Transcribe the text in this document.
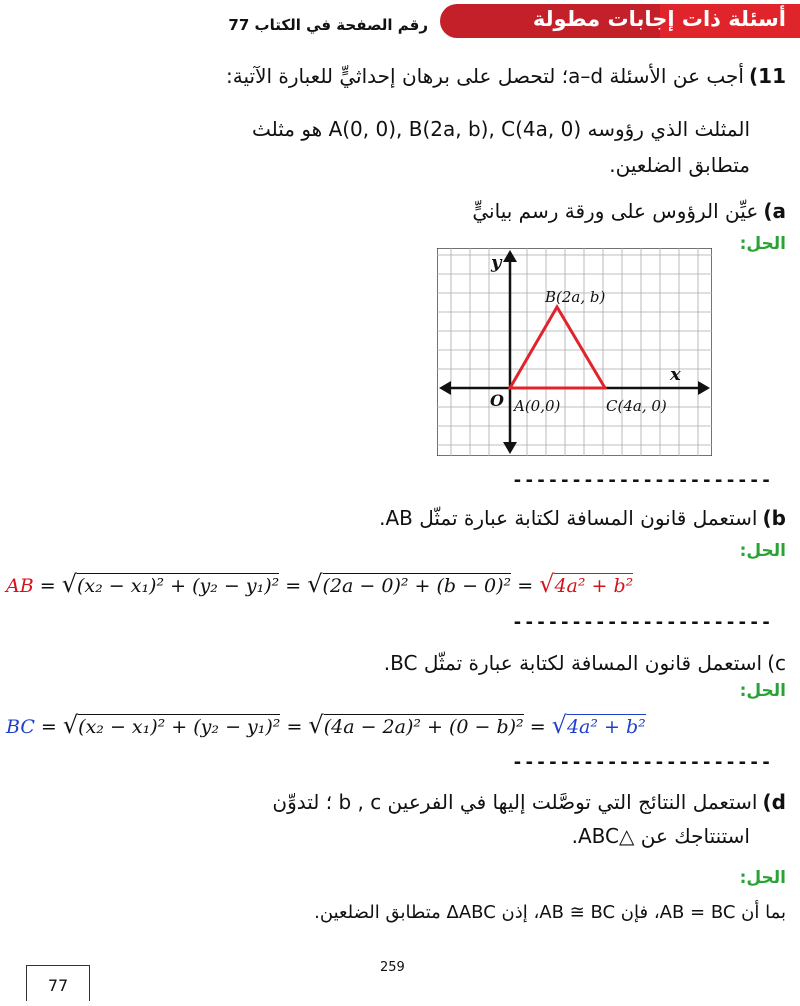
أسئلة ذات إجابات مطولة
رقم الصفحة في الكتاب 77
11) أجب عن الأسئلة a–d؛ لتحصل على برهان إحداثيٍّ للعبارة الآتية:
المثلث الذي رؤوسه A(0, 0), B(2a, b), C(4a, 0) هو مثلث
متطابق الضلعين.
a) عيِّن الرؤوس على ورقة رسم بيانيٍّ
الحل:
y
x
O
B(2a, b)
A(0,0)	C(4a, 0)
----------------------
b) استعمل قانون المسافة لكتابة عبارة تمثّل AB.
الحل:
AB = √(x₂ − x₁)² + (y₂ − y₁)² = √(2a − 0)² + (b − 0)² = √4a² + b²
----------------------
c) استعمل قانون المسافة لكتابة عبارة تمثّل BC.
الحل:
BC = √(x₂ − x₁)² + (y₂ − y₁)² = √(4a − 2a)² + (0 − b)² = √4a² + b²
----------------------
d) استعمل النتائج التي توصَّلت إليها في الفرعين b , c ؛ لتدوِّن
استنتاجك عن △ABC.
الحل:
بما أن AB = BC، فإن AB ≅ BC، إذن ΔABC متطابق الضلعين.
259
77
